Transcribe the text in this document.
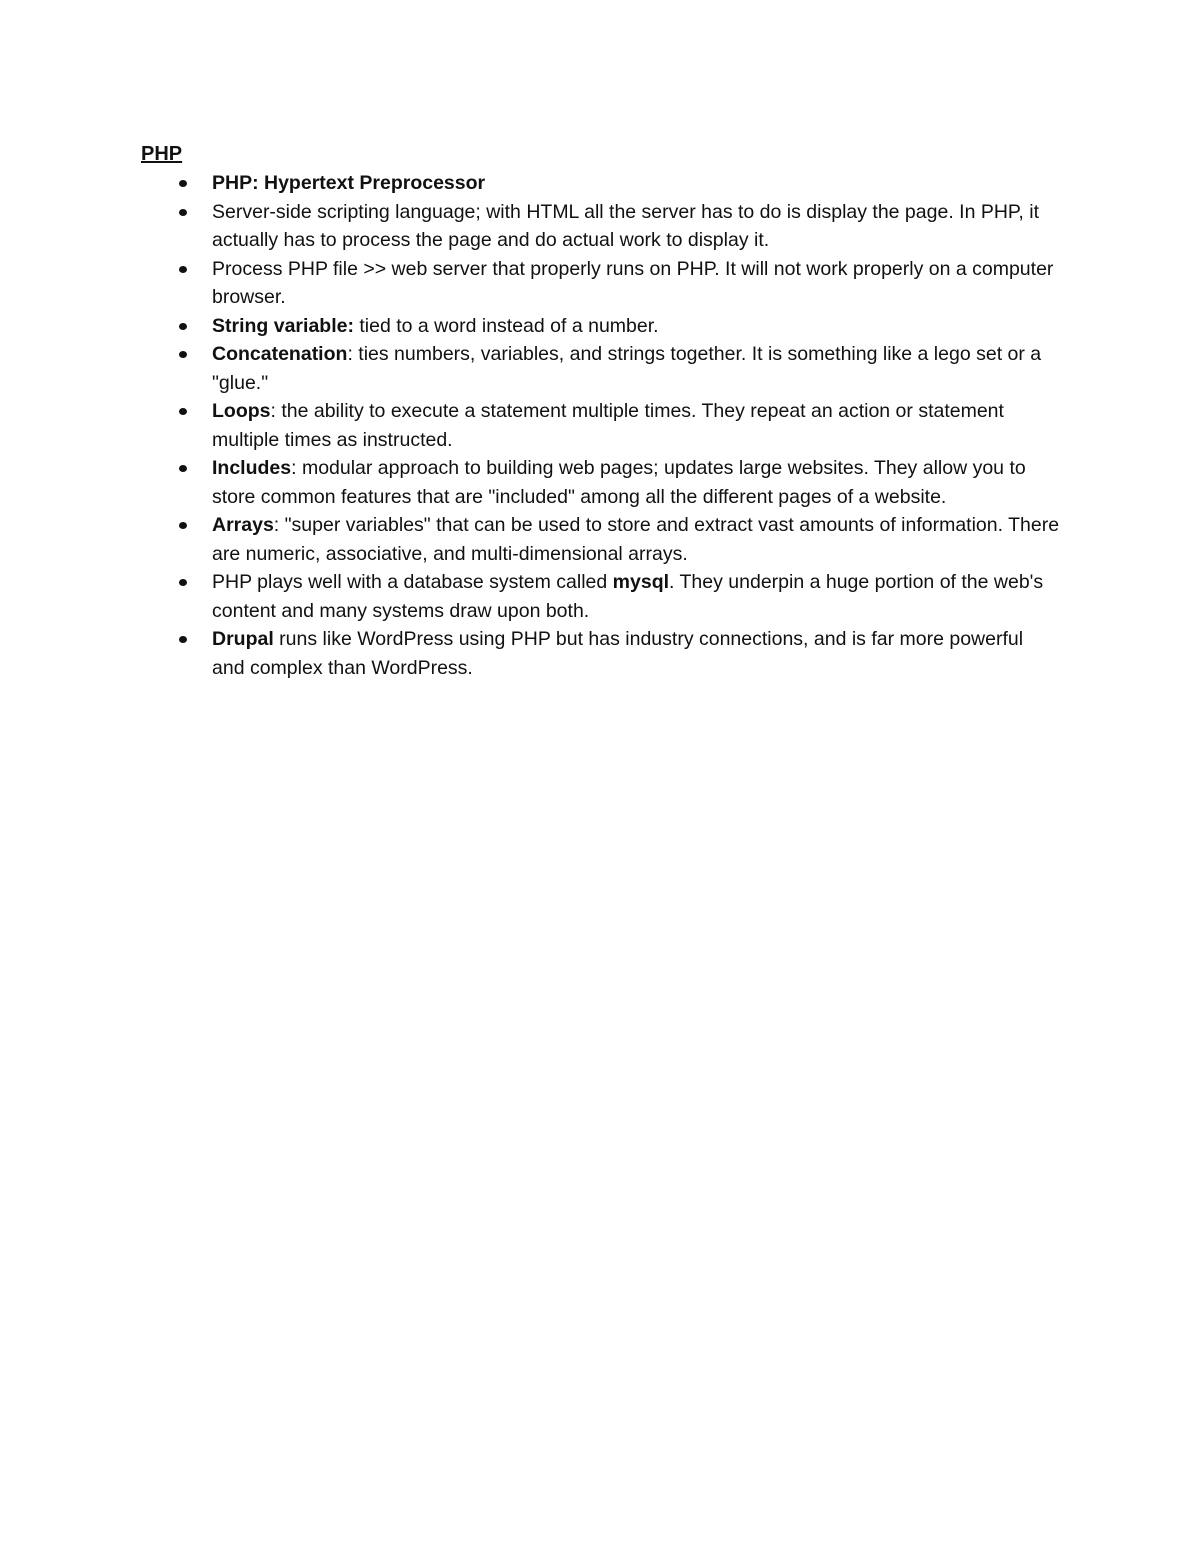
PHP
PHP: Hypertext Preprocessor
Server-side scripting language; with HTML all the server has to do is display the page. In PHP, it actually has to process the page and do actual work to display it.
Process PHP file >> web server that properly runs on PHP. It will not work properly on a computer browser.
String variable: tied to a word instead of a number.
Concatenation: ties numbers, variables, and strings together. It is something like a lego set or a "glue."
Loops: the ability to execute a statement multiple times. They repeat an action or statement multiple times as instructed.
Includes: modular approach to building web pages; updates large websites. They allow you to store common features that are "included" among all the different pages of a website.
Arrays: "super variables" that can be used to store and extract vast amounts of information. There are numeric, associative, and multi-dimensional arrays.
PHP plays well with a database system called mysql. They underpin a huge portion of the web's content and many systems draw upon both.
Drupal runs like WordPress using PHP but has industry connections, and is far more powerful and complex than WordPress.
